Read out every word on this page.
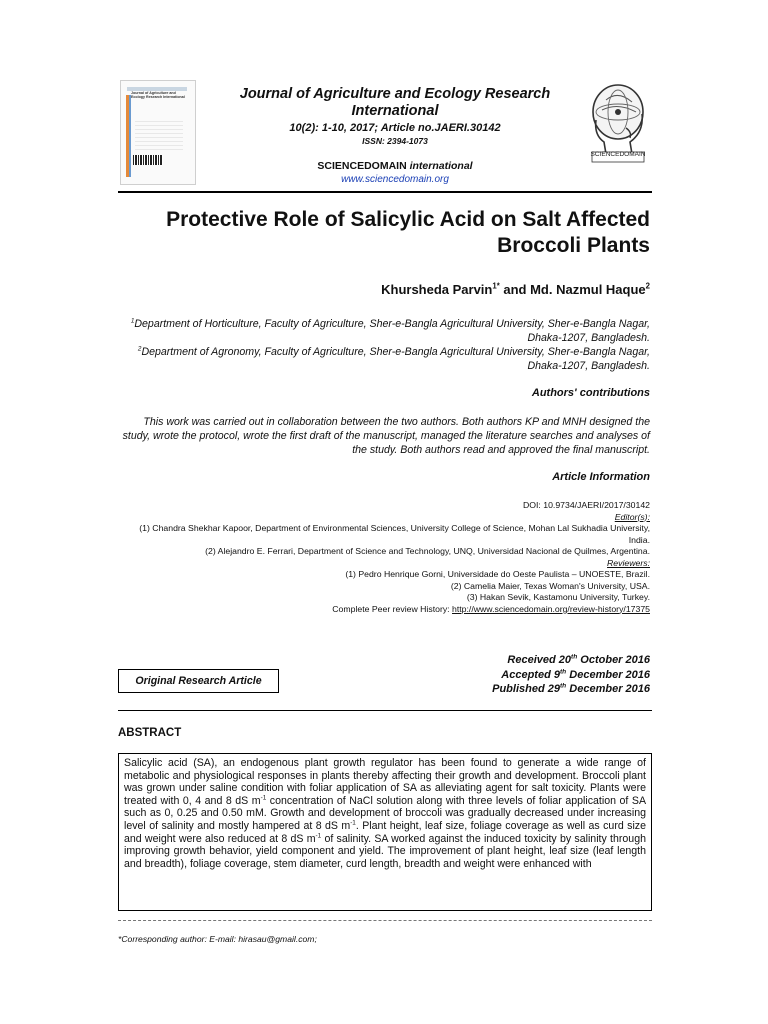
Journal of Agriculture and Ecology Research International	Journal of Agriculture and Ecology Research International
10(2): 1-10, 2017; Article no.JAERI.30142
ISSN: 2394-1073
SCIENCEDOMAIN international
www.sciencedomain.org
SCIENCEDOMAIN
Protective Role of Salicylic Acid on Salt Affected Broccoli Plants
Khursheda Parvin$^{1*}$ and Md. Nazmul Haque$^2$
$^1$Department of Horticulture, Faculty of Agriculture, Sher-e-Bangla Agricultural University, Sher-e-Bangla Nagar, Dhaka-1207, Bangladesh.
$^2$Department of Agronomy, Faculty of Agriculture, Sher-e-Bangla Agricultural University, Sher-e-Bangla Nagar, Dhaka-1207, Bangladesh.
Authors' contributions
This work was carried out in collaboration between the two authors. Both authors KP and MNH designed the study, wrote the protocol, wrote the first draft of the manuscript, managed the literature searches and analyses of the study. Both authors read and approved the final manuscript.
Article Information
DOI: 10.9734/JAERI/2017/30142
Editor(s):
(1) Chandra Shekhar Kapoor, Department of Environmental Sciences, University College of Science, Mohan Lal Sukhadia University, India.
(2) Alejandro E. Ferrari, Department of Science and Technology, UNQ, Universidad Nacional de Quilmes, Argentina.
Reviewers:
(1) Pedro Henrique Gorni, Universidade do Oeste Paulista – UNOESTE, Brazil.
(2) Camelia Maier, Texas Woman's University, USA.
(3) Hakan Sevik, Kastamonu University, Turkey.
Complete Peer review History: http://www.sciencedomain.org/review-history/17375
Original Research Article
Received 20th October 2016
Accepted 9th December 2016
Published 29th December 2016
ABSTRACT
Salicylic acid (SA), an endogenous plant growth regulator has been found to generate a wide range of metabolic and physiological responses in plants thereby affecting their growth and development. Broccoli plant was grown under saline condition with foliar application of SA as alleviating agent for salt toxicity. Plants were treated with 0, 4 and 8 dS $m^{-1}$ concentration of NaCl solution along with three levels of foliar application of SA such as 0, 0.25 and 0.50 mM. Growth and development of broccoli was gradually decreased under increasing level of salinity and mostly hampered at 8 dS $m^{-1}$. Plant height, leaf size, foliage coverage as well as curd size and weight were also reduced at 8 dS $m^{-1}$ of salinity. SA worked against the induced toxicity by salinity through improving growth behavior, yield component and yield. The improvement of plant height, leaf size (leaf length and breadth), foliage coverage, stem diameter, curd length, breadth and weight were enhanced with
*Corresponding author: E-mail: hirasau@gmail.com;
